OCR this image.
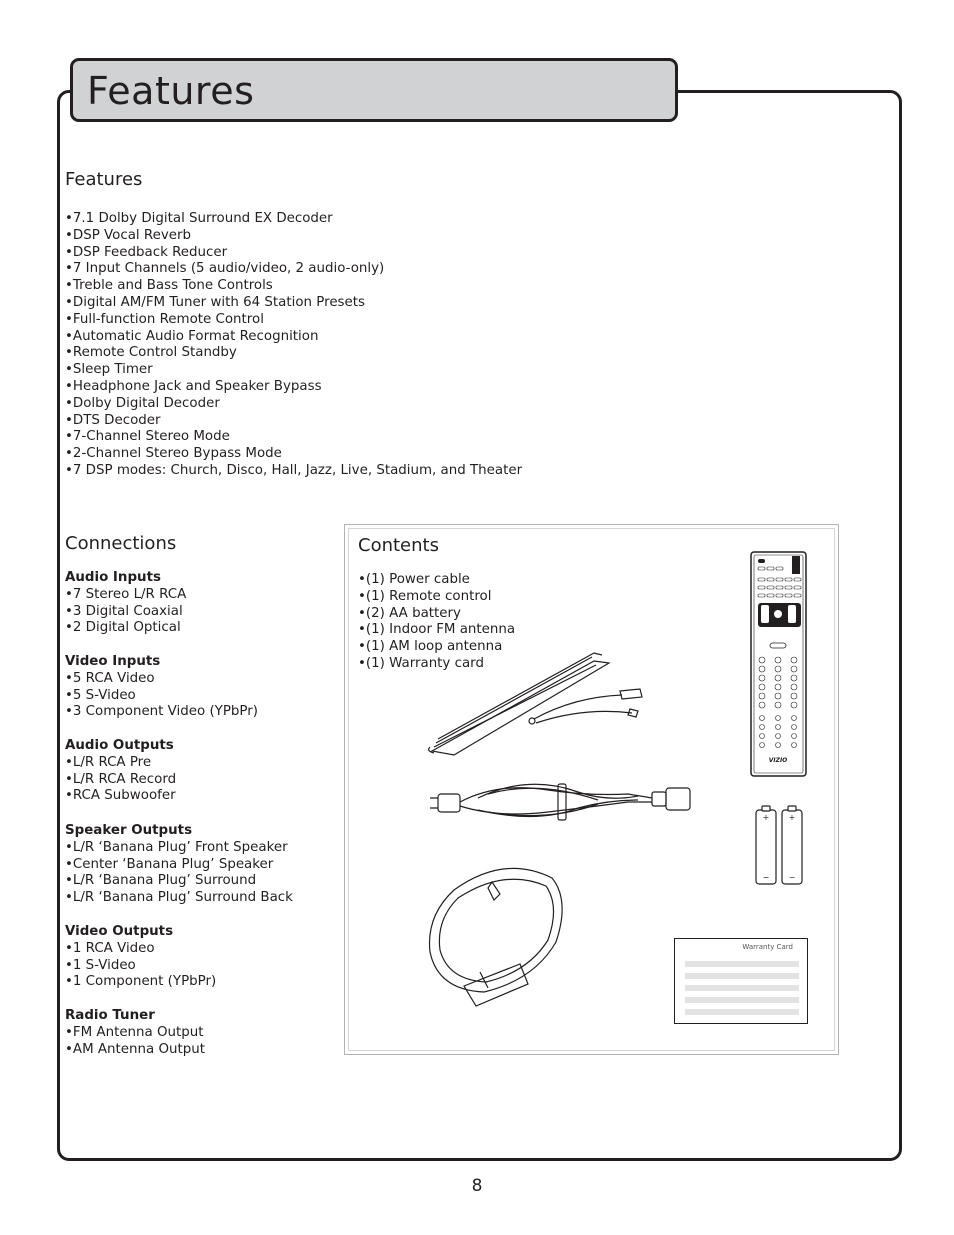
Features
Features
• 7.1 Dolby Digital Surround EX Decoder
• DSP Vocal Reverb
• DSP Feedback Reducer
• 7 Input Channels (5 audio/video, 2 audio-only)
• Treble and Bass Tone Controls
• Digital AM/FM Tuner with 64 Station Presets
• Full-function Remote Control
• Automatic Audio Format Recognition
• Remote Control Standby
• Sleep Timer
• Headphone Jack and Speaker Bypass
• Dolby Digital Decoder
• DTS Decoder
• 7-Channel Stereo Mode
• 2-Channel Stereo Bypass Mode
• 7 DSP modes: Church, Disco, Hall, Jazz, Live, Stadium, and Theater
Connections
Audio Inputs
• 7 Stereo L/R RCA
• 3 Digital Coaxial
• 2 Digital Optical
Video Inputs
• 5 RCA Video
• 5 S-Video
• 3 Component Video (YPbPr)
Audio Outputs
• L/R RCA Pre
• L/R RCA Record
• RCA Subwoofer
Speaker Outputs
• L/R ‘Banana Plug’ Front Speaker
• Center ‘Banana Plug’ Speaker
• L/R ‘Banana Plug’ Surround
• L/R ‘Banana Plug’ Surround Back
Video Outputs
• 1 RCA Video
• 1 S-Video
• 1 Component (YPbPr)
Radio Tuner
• FM Antenna Output
• AM Antenna Output
Contents
• (1) Power cable
• (1) Remote control
• (2) AA battery
• (1) Indoor FM antenna
• (1) AM loop antenna
• (1) Warranty card
VIZIO
+ +
− −
Warranty Card
8
